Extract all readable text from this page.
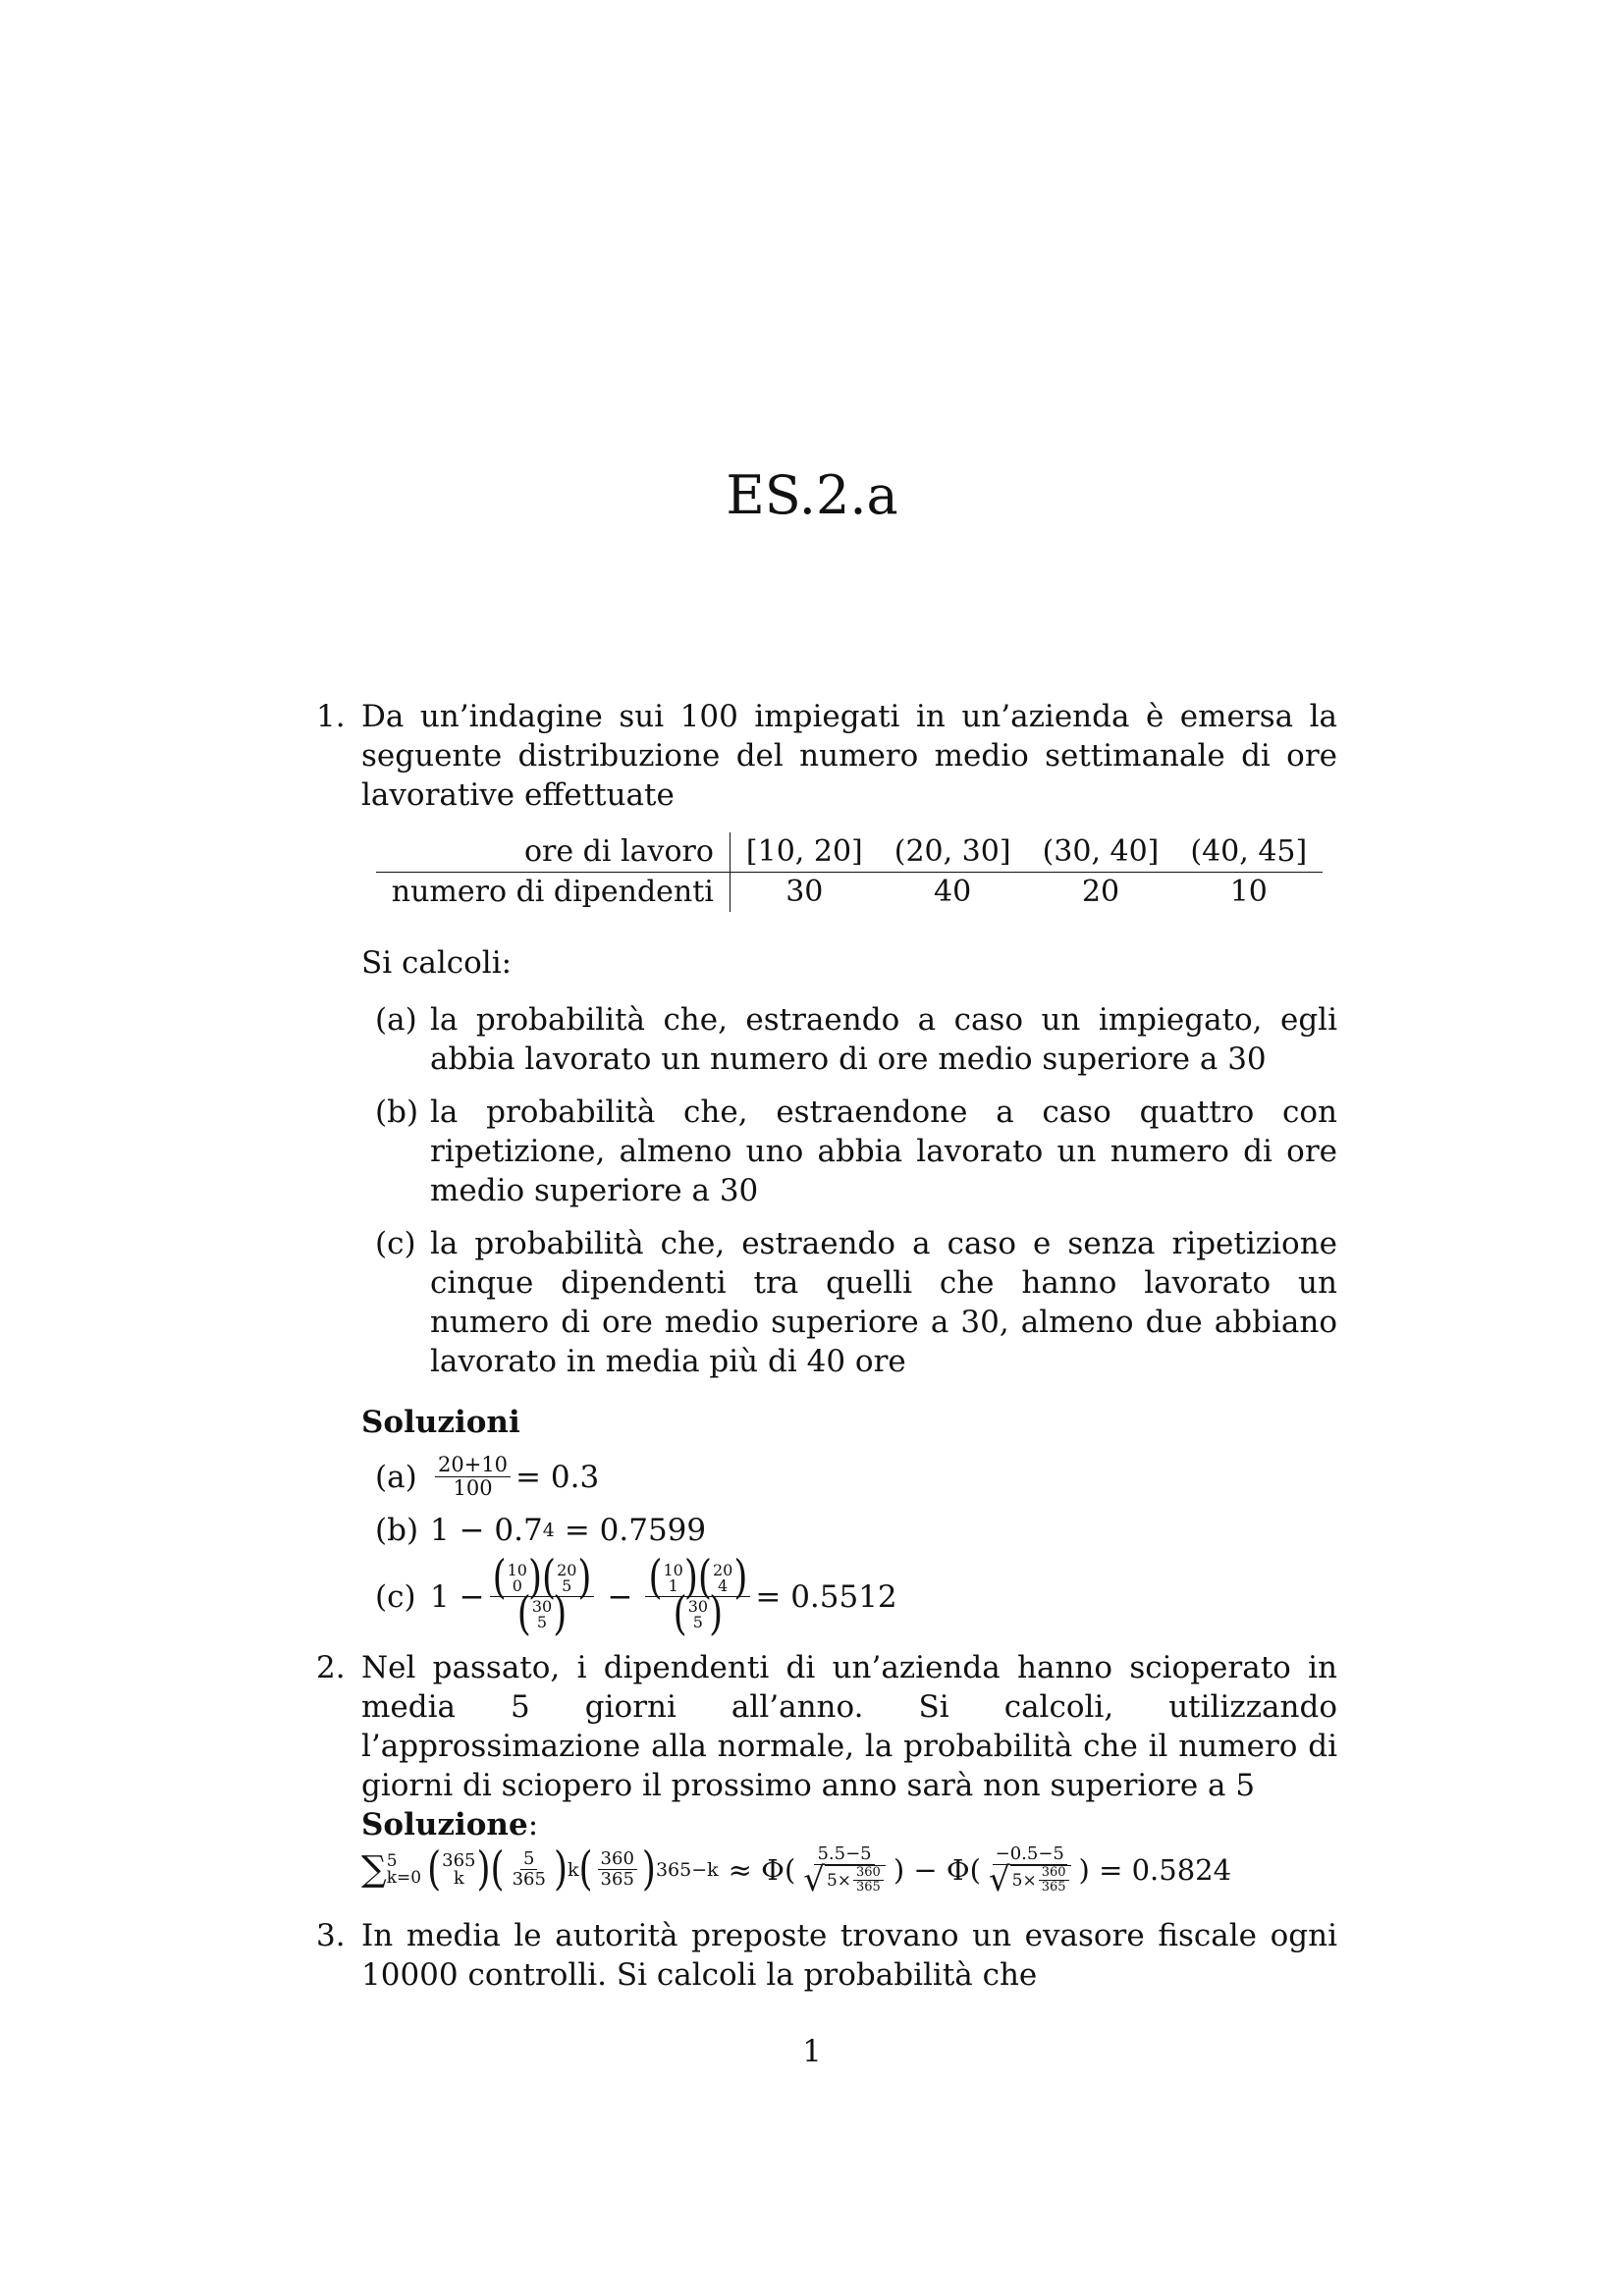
ES.2.a
1. Da un’indagine sui 100 impiegati in un’azienda è emersa la seguente distribuzione del numero medio settimanale di ore lavorative effettuate
ore di lavoro	[10, 20]	(20, 30]	(30, 40]	(40, 45]
numero di dipendenti	30	40	20	10
Si calcoli:
(a) la probabilità che, estraendo a caso un impiegato, egli abbia lavorato un numero di ore medio superiore a 30
(b) la probabilità che, estraendone a caso quattro con ripetizione, almeno uno abbia lavorato un numero di ore medio superiore a 30
(c) la probabilità che, estraendo a caso e senza ripetizione cinque dipendenti tra quelli che hanno lavorato un numero di ore medio superiore a 30, almeno due abbiano lavorato in media più di 40 ore
Soluzioni
$(a) \frac{20+10}{100} = 0.3$
(b) 1 − 0.7 4 = 0.7599
(c) 1 − ( 10
0 ) ( 20
5 )
( 30
5 ) − ( 10
1 ) ( 20
4 )
( 30
5 ) = 0.5512
2. Nel passato, i dipendenti di un’azienda hanno scioperato in media 5 giorni all’anno. Si calcoli, utilizzando l’approssimazione alla normale, la probabilità che il numero di giorni di sciopero il prossimo anno sarà non superiore a 5
Soluzione:
∑ 5
k=0 ( 365
k ) ( $\frac{5}{365}$ ) k ( $\frac{360}{365}$ ) $365-k \approx \Phi( \frac{5.5-5}{√ 5\times \frac{360}{365}}$ ) − $\Phi( \frac{-0.5-5}{√ 5\times \frac{360}{365}}$ ) = 0.5824
3. In media le autorità preposte trovano un evasore fiscale ogni 10000 controlli. Si calcoli la probabilità che
1
